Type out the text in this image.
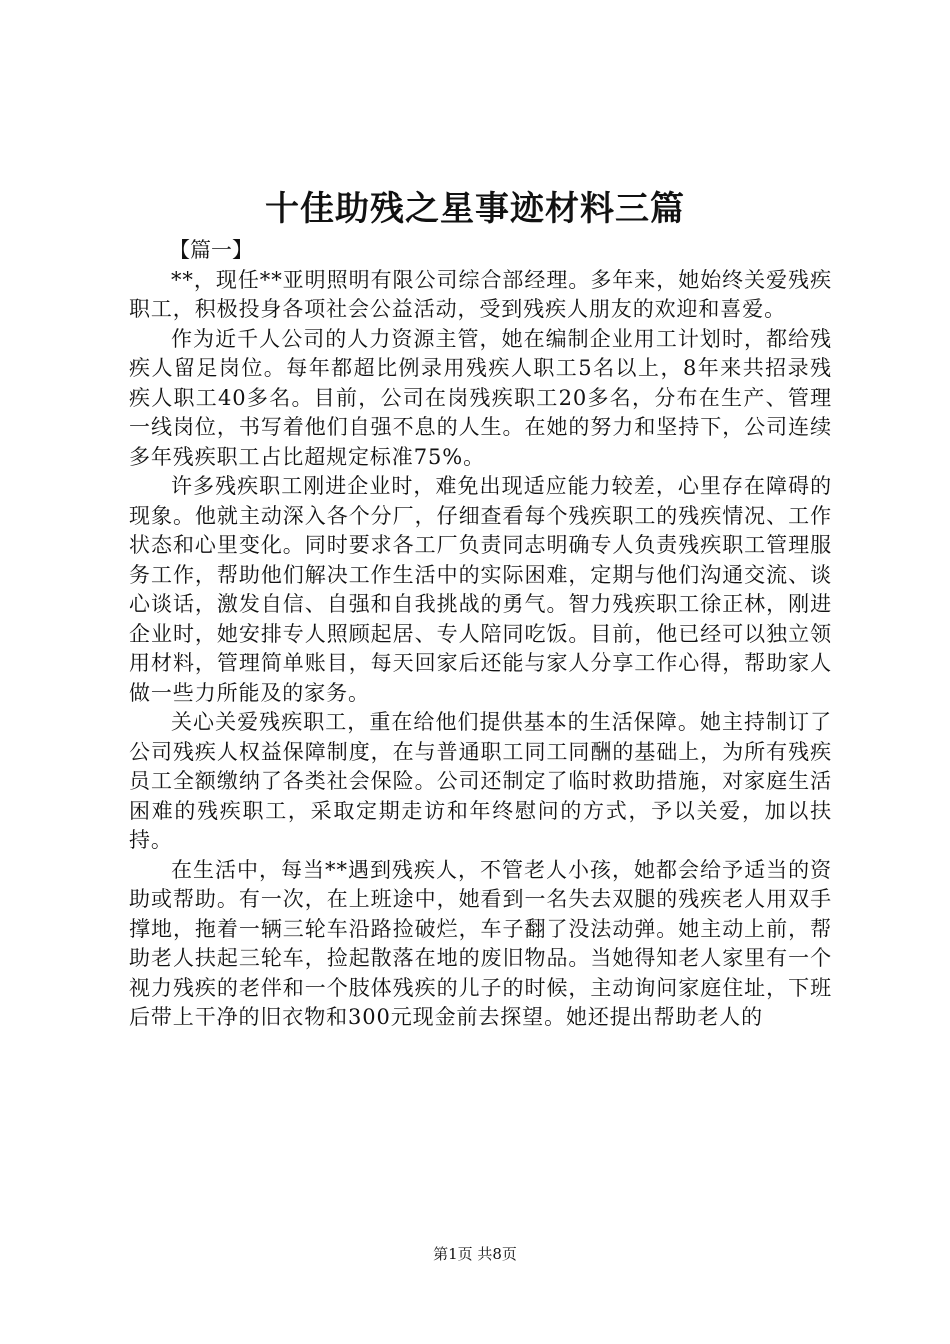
十佳助残之星事迹材料三篇

【篇一】

**，现任**亚明照明有限公司综合部经理。多年来，她始终关爱残疾职工，积极投身各项社会公益活动，受到残疾人朋友的欢迎和喜爱。

作为近千人公司的人力资源主管，她在编制企业用工计划时，都给残疾人留足岗位。每年都超比例录用残疾人职工5名以上，8年来共招录残疾人职工40多名。目前，公司在岗残疾职工20多名，分布在生产、管理一线岗位，书写着他们自强不息的人生。在她的努力和坚持下，公司连续多年残疾职工占比超规定标准75%。

许多残疾职工刚进企业时，难免出现适应能力较差，心里存在障碍的现象。他就主动深入各个分厂，仔细查看每个残疾职工的残疾情况、工作状态和心里变化。同时要求各工厂负责同志明确专人负责残疾职工管理服务工作，帮助他们解决工作生活中的实际困难，定期与他们沟通交流、谈心谈话，激发自信、自强和自我挑战的勇气。智力残疾职工徐正林，刚进企业时，她安排专人照顾起居、专人陪同吃饭。目前，他已经可以独立领用材料，管理简单账目，每天回家后还能与家人分享工作心得，帮助家人做一些力所能及的家务。

关心关爱残疾职工，重在给他们提供基本的生活保障。她主持制订了公司残疾人权益保障制度，在与普通职工同工同酬的基础上，为所有残疾员工全额缴纳了各类社会保险。公司还制定了临时救助措施，对家庭生活困难的残疾职工，采取定期走访和年终慰问的方式，予以关爱，加以扶持。

在生活中，每当**遇到残疾人，不管老人小孩，她都会给予适当的资助或帮助。有一次，在上班途中，她看到一名失去双腿的残疾老人用双手撑地，拖着一辆三轮车沿路捡破烂，车子翻了没法动弹。她主动上前，帮助老人扶起三轮车，捡起散落在地的废旧物品。当她得知老人家里有一个视力残疾的老伴和一个肢体残疾的儿子的时候，主动询问家庭住址，下班后带上干净的旧衣物和300元现金前去探望。她还提出帮助老人的

第1页 共8页
